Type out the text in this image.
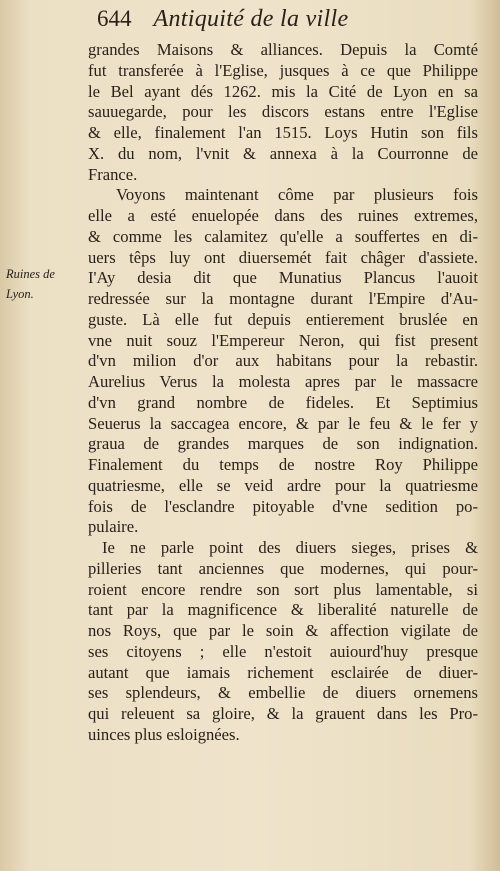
644 Antiquité de la ville
Ruines de
Lyon.
grandes Maisons & alliances. Depuis la Comté
fut transferée à l'Eglise, jusques à ce que Philippe
le Bel ayant dés 1262. mis la Cité de Lyon en sa
sauuegarde, pour les discors estans entre l'Eglise
& elle, finalement l'an 1515. Loys Hutin son fils
X. du nom, l'vnit & annexa à la Courronne de
France.
Voyons maintenant côme par plusieurs fois
elle a esté enuelopée dans des ruines extremes,
& comme les calamitez qu'elle a souffertes en di-
uers têps luy ont diuersemét fait châger d'assiete.
I'Ay desia dit que Munatius Plancus l'auoit
redressée sur la montagne durant l'Empire d'Au-
guste. Là elle fut depuis entierement bruslée en
vne nuit souz l'Empereur Neron, qui fist present
d'vn milion d'or aux habitans pour la rebastir.
Aurelius Verus la molesta apres par le massacre
d'vn grand nombre de fideles. Et Septimius
Seuerus la saccagea encore, & par le feu & le fer y
graua de grandes marques de son indignation.
Finalement du temps de nostre Roy Philippe
quatriesme, elle se veid ardre pour la quatriesme
fois de l'esclandre pitoyable d'vne sedition po-
pulaire.
Ie ne parle point des diuers sieges, prises &
pilleries tant anciennes que modernes, qui pour-
roient encore rendre son sort plus lamentable, si
tant par la magnificence & liberalité naturelle de
nos Roys, que par le soin & affection vigilate de
ses citoyens ; elle n'estoit auiourd'huy presque
autant que iamais richement esclairée de diuer-
ses splendeurs, & embellie de diuers ornemens
qui releuent sa gloire, & la grauent dans les Pro-
uinces plus esloignées.
